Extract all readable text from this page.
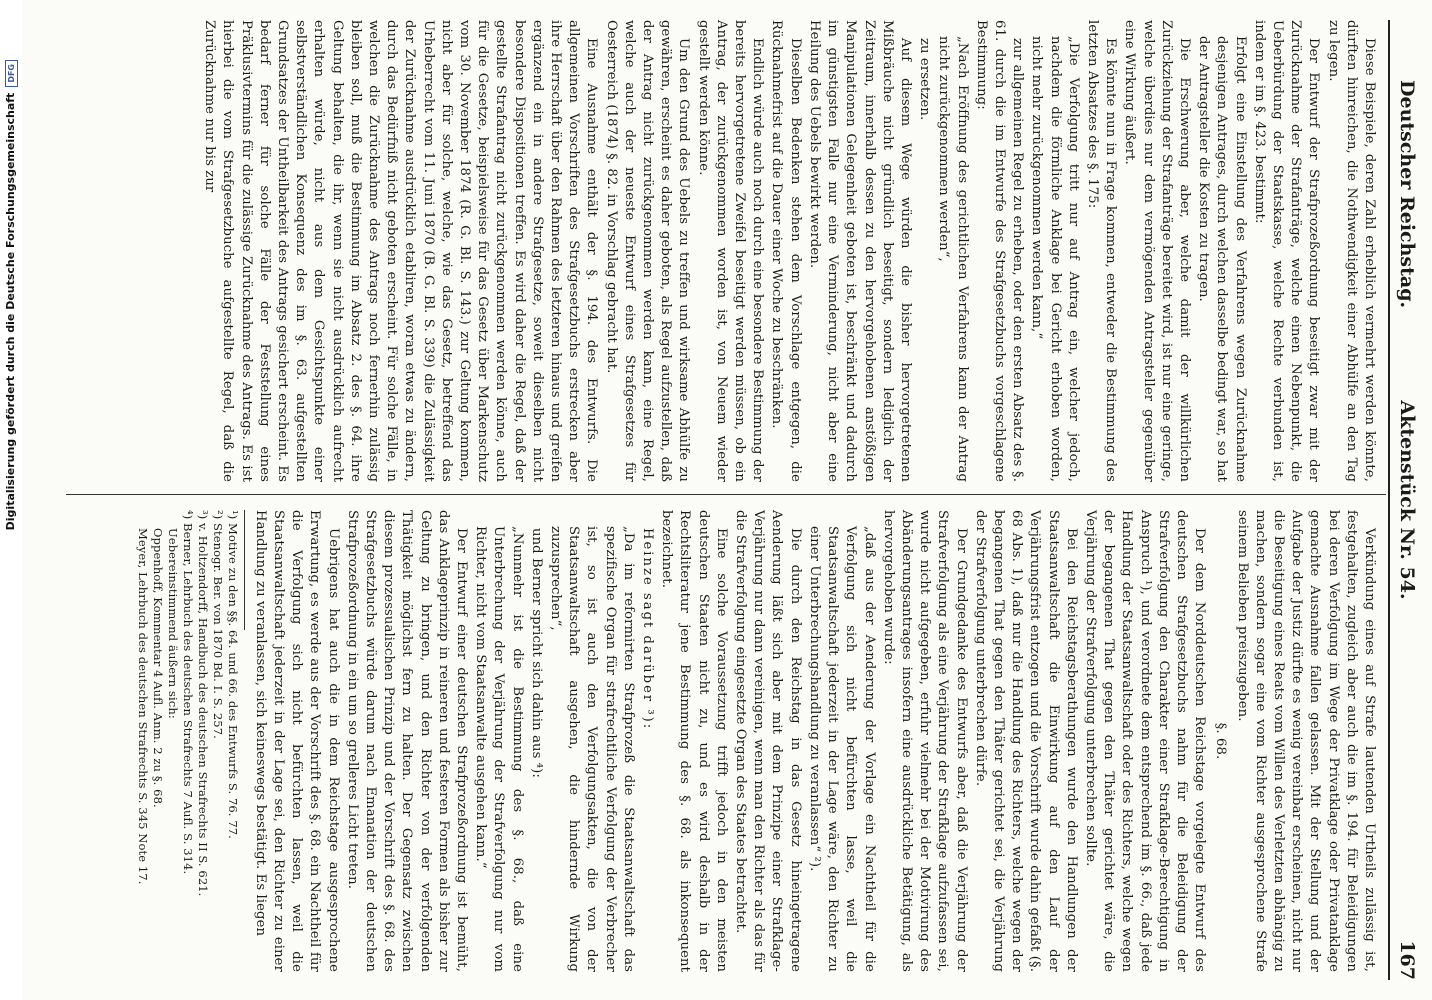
Digitalisierung gefördert durch die Deutsche ForschungsgemeinschaftDFG
Deutscher Reichstag.
Aktenstück Nr. 54.
167

Diese Beispiele, deren Zahl erheblich vermehrt werden könnte, dürften hinreichen, die Nothwendigkeit einer Abhülfe an den Tag zu legen.

Der Entwurf der Strafprozeßordnung beseitigt zwar mit der Zurücknahme der Strafanträge, welche einen Nebenpunkt, die Ueberbürdung der Staatskasse, welche Rechte verbunden ist, indem er im §. 423. bestimmt:

Erfolgt eine Einstellung des Verfahrens wegen Zurücknahme desjenigen Antrages, durch welchen dasselbe bedingt war, so hat der Antragsteller die Kosten zu tragen.

Die Erschwerung aber, welche damit der willkürlichen Zurückziehung der Strafanträge bereitet wird, ist nur eine geringe, welche überdies nur dem vermögenden Antragsteller gegenüber eine Wirkung äußert.

Es könnte nun in Frage kommen, entweder die Bestimmung des letzten Absatzes des §. 175:

„Die Verfolgung tritt nur auf Antrag ein, welcher jedoch, nachdem die förmliche Anklage bei Gericht erhoben worden, nicht mehr zurückgenommen werden kann,“

zur allgemeinen Regel zu erheben, oder den ersten Absatz des §. 61. durch die im Entwurfe des Strafgesetzbuchs vorgeschlagene Bestimmung:

„Nach Eröffnung des gerichtlichen Verfahrens kann der Antrag nicht zurückgenommen werden“,

zu ersetzen.

Auf diesem Wege würden die bisher hervorgetretenen Mißbräuche nicht gründlich beseitigt, sondern lediglich der Zeitraum, innerhalb dessen zu den hervorgehobenen anstößigen Manipulationen Gelegenheit geboten ist, beschränkt und dadurch im günstigsten Falle nur eine Verminderung, nicht aber eine Heilung des Uebels bewirkt werden.

Dieselben Bedenken stehen dem Vorschlage entgegen, die Rücknahmefrist auf die Dauer einer Woche zu beschränken.

Endlich würde auch noch durch eine besondere Bestimmung der bereits hervorgetretene Zweifel beseitigt werden müssen, ob ein Antrag, der zurückgenommen worden ist, von Neuem wieder gestellt werden könne.

Um den Grund des Uebels zu treffen und wirksame Abhülfe zu gewähren, erscheint es daher geboten, als Regel aufzustellen, daß der Antrag nicht zurückgenommen werden kann, eine Regel, welche auch der neueste Entwurf eines Strafgesetzes für Oesterreich (1874) §. 82. in Vorschlag gebracht hat.

Eine Ausnahme enthält der §. 194. des Entwurfs. Die allgemeinen Vorschriften des Strafgesetzbuchs erstrecken aber ihre Herrschaft über den Rahmen des letzteren hinaus und greifen ergänzend ein in andere Strafgesetze, soweit dieselben nicht besondere Dispositionen treffen. Es wird daher die Regel, daß der gestellte Strafantrag nicht zurückgenommen werden könne, auch für die Gesetze, beispielsweise für das Gesetz über Markenschutz vom 30. November 1874 (R. G. Bl. S. 143.) zur Geltung kommen, nicht aber für solche, welche, wie das Gesetz, betreffend das Urheberrecht vom 11. Juni 1870 (B. G. Bl. S. 339) die Zulässigkeit der Zurücknahme ausdrücklich etabliren, woran etwas zu ändern, durch das Bedürfniß nicht geboten erscheint. Für solche Fälle, in welchen die Zurücknahme des Antrags noch fernerhin zulässig bleiben soll, muß die Bestimmung im Absatz 2. des §. 64. ihre Geltung behalten, die ihr, wenn sie nicht ausdrücklich aufrecht erhalten würde, nicht aus dem Gesichtspunkte einer selbstverständlichen Konsequenz des im §. 63. aufgestellten Grundsatzes der Untheilbarkeit des Antrags gesichert erscheint. Es bedarf ferner für solche Fälle der Feststellung eines Präklusivtermins für die zulässige Zurücknahme des Antrags. Es ist hierbei die vom Strafgesetzbuche aufgestellte Regel, daß die Zurücknahme nur bis zur

Verkündung eines auf Strafe lautenden Urtheils zulässig ist, festgehalten, zugleich aber auch die im §. 194. für Beleidigungen bei deren Verfolgung im Wege der Privatklage oder Privatanklage gemachte Ausnahme fallen gelassen. Mit der Stellung und der Aufgabe der Justiz dürfte es wenig vereinbar erscheinen, nicht nur die Beseitigung eines Reats vom Willen des Verletzten abhängig zu machen, sondern sogar eine vom Richter ausgesprochene Strafe seinem Belieben preiszugeben.

§. 68.

Der dem Norddeutschen Reichstage vorgelegte Entwurf des deutschen Strafgesetzbuchs nahm für die Beleidigung der Strafverfolgung den Charakter einer Strafklage-Berechtigung in Anspruch ¹), und verordnete dem entsprechend im §. 66., daß jede Handlung der Staatsanwaltschaft oder des Richters, welche wegen der begangenen That gegen den Thäter gerichtet wäre, die Verjährung der Strafverfolgung unterbrechen sollte.

Bei den Reichstagsberathungen wurde den Handlungen der Staatsanwaltschaft die Einwirkung auf den Lauf der Verjährungsfrist entzogen und die Vorschrift wurde dahin gefaßt (§. 68 Abs. 1), daß nur die Handlung des Richters, welche wegen der begangenen That gegen den Thäter gerichtet sei, die Verjährung der Strafverfolgung unterbrechen dürfe.

Der Grundgedanke des Entwurfs aber, daß die Verjährung der Strafverfolgung als eine Verjährung der Strafklage aufzufassen sei, wurde nicht aufgegeben, erfuhr vielmehr bei der Motivirung des Abänderungsantrages insofern eine ausdrückliche Betätigung, als hervorgehoben wurde:

„daß aus der Aenderung der Vorlage ein Nachtheil für die Verfolgung sich nicht befürchten lasse, weil die Staatsanwaltschaft jederzeit in der Lage wäre, den Richter zu einer Unterbrechungshandlung zu veranlassen“ ²).

Die durch den Reichstag in das Gesetz hineingetragene Aenderung läßt sich aber mit dem Prinzipe einer Strafklage-Verjährung nur dann vereinigen, wenn man den Richter als das für die Strafverfolgung eingesetzte Organ des Staates betrachtet.

Eine solche Voraussetzung trifft jedoch in den meisten deutschen Staaten nicht zu, und es wird deshalb in der Rechtsliteratur jene Bestimmung des §. 68. als inkonsequent bezeichnet.

Heinze sagt darüber ³):

„Da im reformirten Strafprozeß die Staatsanwaltschaft das spezifische Organ für strafrechtliche Verfolgung der Verbrecher ist, so ist auch den Verfolgungsakten, die von der Staatsanwaltschaft ausgehen, die hindernde Wirkung zuzusprechen“,

und Berner spricht sich dahin aus ⁴):

„Nunmehr ist die Bestimmung des §. 68., daß eine Unterbrechung der Verjährung der Strafverfolgung nur vom Richter, nicht vom Staatsanwalte ausgehen kann.“

Der Entwurf einer deutschen Strafprozeßordnung ist bemüht, das Anklageprinzip in reineren und festeren Formen als bisher zur Geltung zu bringen, und den Richter von der verfolgenden Thätigkeit möglichst fern zu halten. Der Gegensatz zwischen diesem prozessualischen Prinzip und der Vorschrift des §. 68. des Strafgesetzbuchs würde darum nach Emanation der deutschen Strafprozeßordnung in ein um so grelleres Licht treten.

Uebrigens hat auch die in dem Reichstage ausgesprochene Erwartung, es werde aus der Vorschrift des §. 68. ein Nachtheil für die Verfolgung sich nicht befürchten lassen, weil die Staatsanwaltschaft jederzeit in der Lage sei, den Richter zu einer Handlung zu veranlassen, sich keineswegs bestätigt. Es liegen

¹) Motive zu den §§. 64. und 66. des Entwurfs S. 76. 77.

²) Stenogr. Ber. von 1870 Bd. I. S. 257.

³) v. Holtzendorff, Handbuch des deutschen Strafrechts II S. 621.

⁴) Berner, Lehrbuch des deutschen Strafrechts 7 Aufl. S. 314.

Uebereinstimmend äußern sich:

Oppenhoff, Kommentar 4 Aufl. Anm. 2 zu §. 68.

Meyer, Lehrbuch des deutschen Strafrechts S. 345 Note 17.
